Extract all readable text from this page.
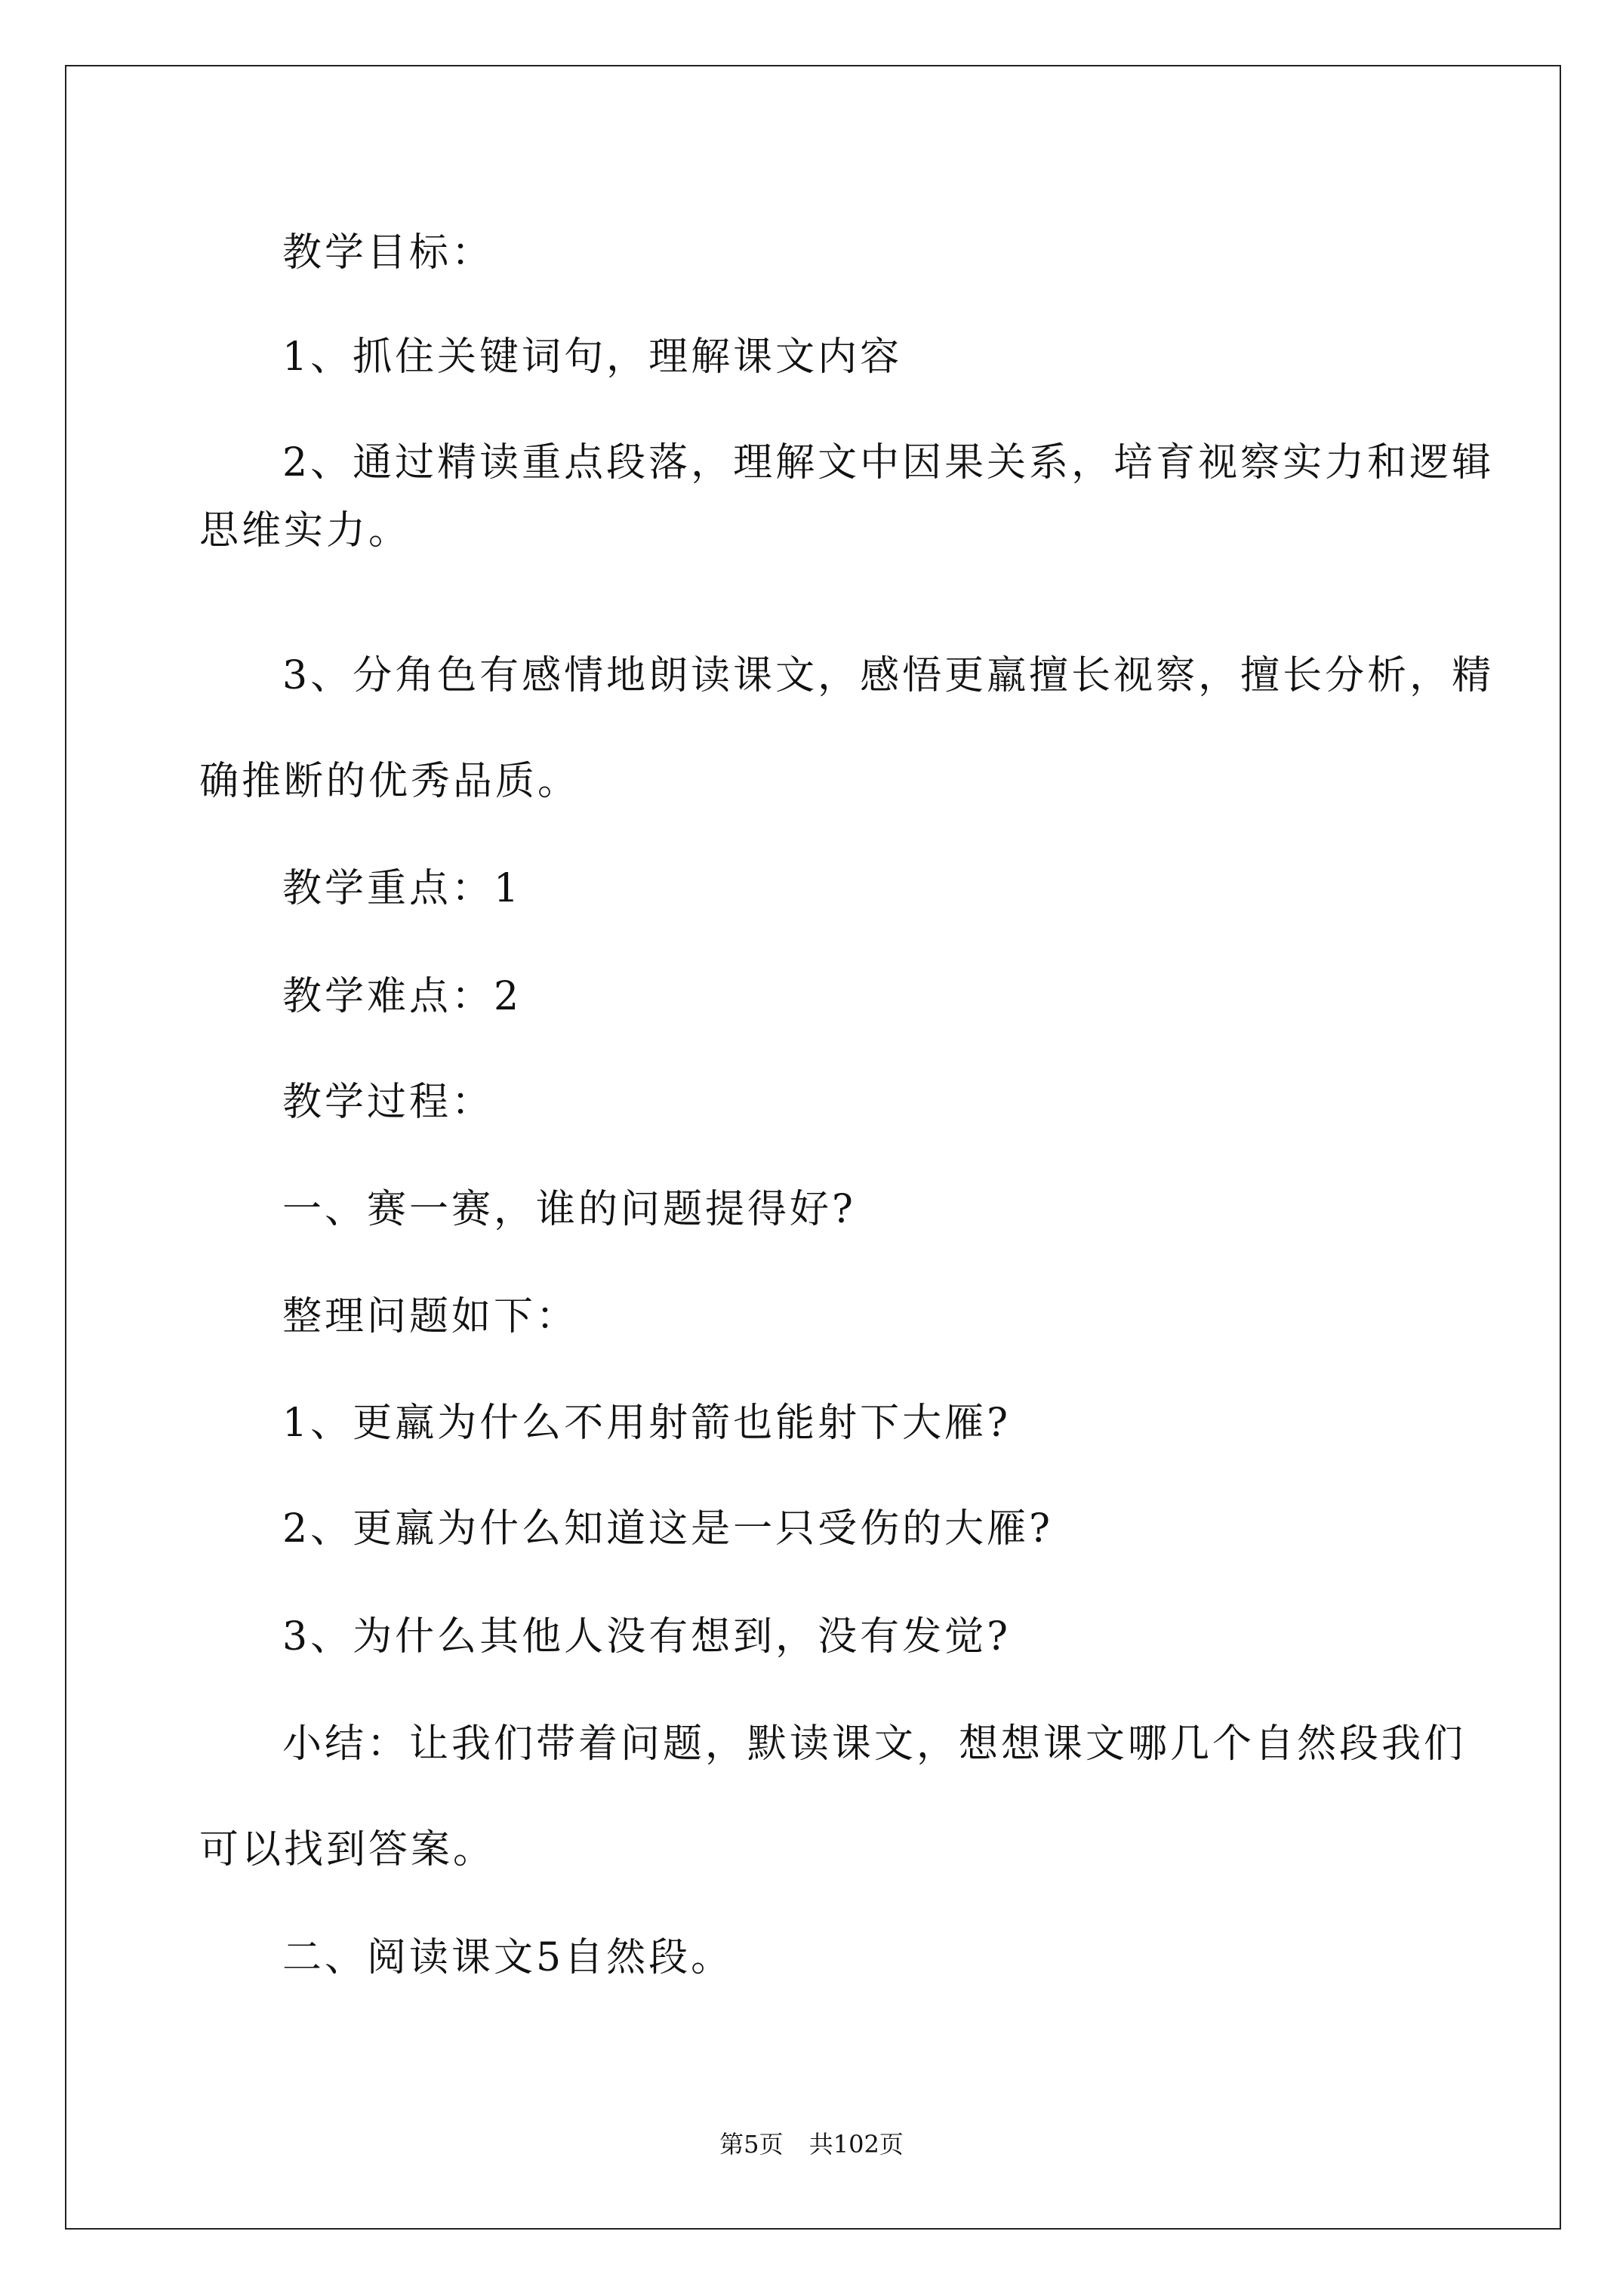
教学目标：
1、抓住关键词句，理解课文内容
2、通过精读重点段落，理解文中因果关系，培育视察实力和逻辑
思维实力。
3、分角色有感情地朗读课文，感悟更羸擅长视察，擅长分析，精
确推断的优秀品质。
教学重点：1
教学难点：2
教学过程：
一、赛一赛，谁的问题提得好?
整理问题如下：
1、更羸为什么不用射箭也能射下大雁?
2、更羸为什么知道这是一只受伤的大雁?
3、为什么其他人没有想到，没有发觉?
小结：让我们带着问题，默读课文，想想课文哪几个自然段我们
可以找到答案。
二、阅读课文5自然段。
第5页 共102页
